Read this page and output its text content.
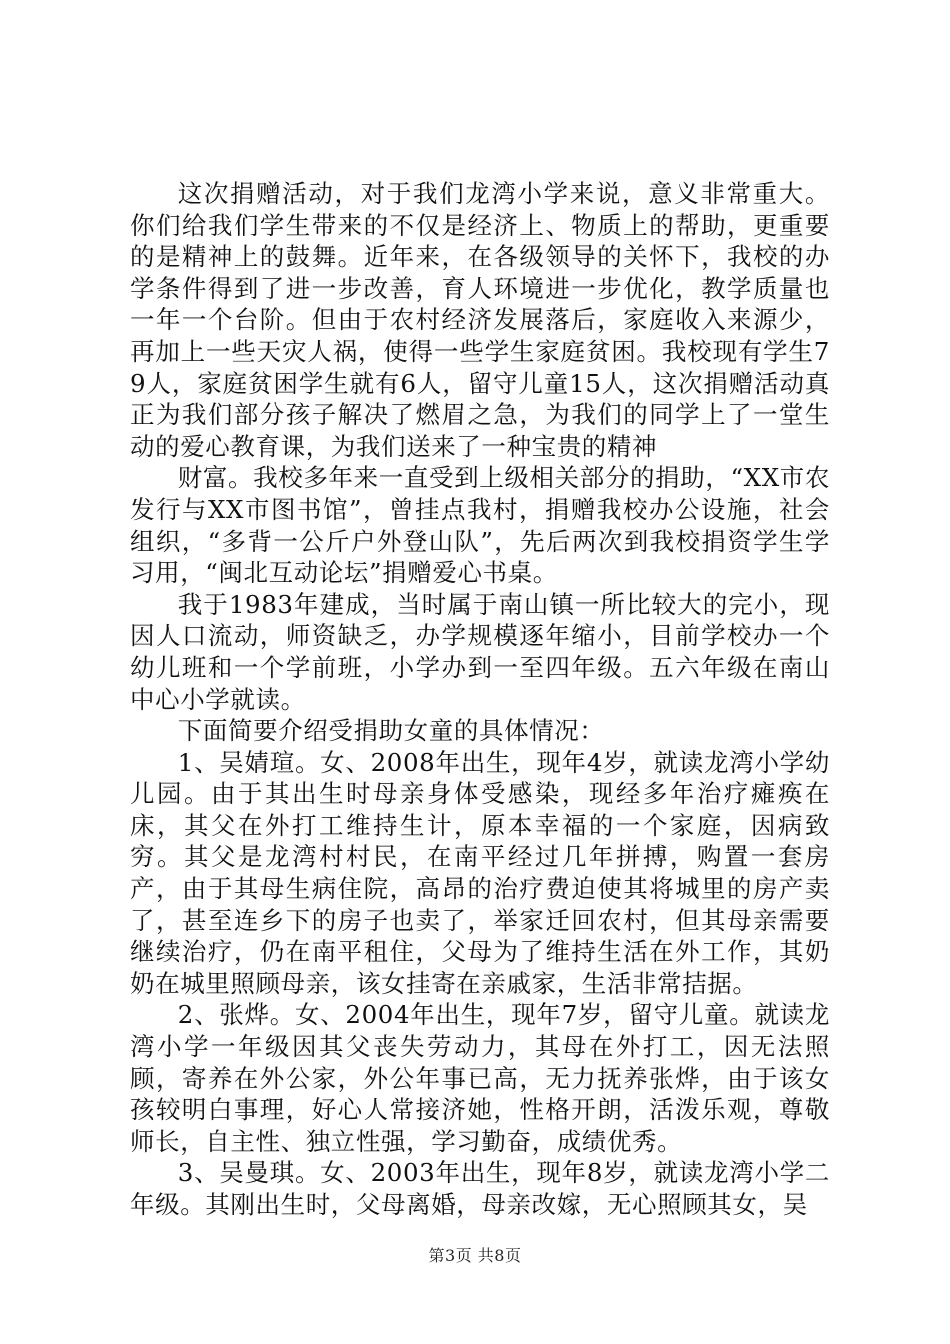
这次捐赠活动，对于我们龙湾小学来说，意义非常重大。你们给我们学生带来的不仅是经济上、物质上的帮助，更重要的是精神上的鼓舞。近年来，在各级领导的关怀下，我校的办学条件得到了进一步改善，育人环境进一步优化，教学质量也一年一个台阶。但由于农村经济发展落后，家庭收入来源少，再加上一些天灾人祸，使得一些学生家庭贫困。我校现有学生79人，家庭贫困学生就有6人，留守儿童15人，这次捐赠活动真正为我们部分孩子解决了燃眉之急，为我们的同学上了一堂生动的爱心教育课，为我们送来了一种宝贵的精神

财富。我校多年来一直受到上级相关部分的捐助，“XX市农发行与XX市图书馆”，曾挂点我村，捐赠我校办公设施，社会组织，“多背一公斤户外登山队”，先后两次到我校捐资学生学习用，“闽北互动论坛”捐赠爱心书桌。

我于1983年建成，当时属于南山镇一所比较大的完小，现因人口流动，师资缺乏，办学规模逐年缩小，目前学校办一个幼儿班和一个学前班，小学办到一至四年级。五六年级在南山中心小学就读。

下面简要介绍受捐助女童的具体情况：

1、吴婧瑄。女、2008年出生，现年4岁，就读龙湾小学幼儿园。由于其出生时母亲身体受感染，现经多年治疗瘫痪在床，其父在外打工维持生计，原本幸福的一个家庭，因病致穷。其父是龙湾村村民，在南平经过几年拼搏，购置一套房产，由于其母生病住院，高昂的治疗费迫使其将城里的房产卖了，甚至连乡下的房子也卖了，举家迁回农村，但其母亲需要继续治疗，仍在南平租住，父母为了维持生活在外工作，其奶奶在城里照顾母亲，该女挂寄在亲戚家，生活非常拮据。

2、张烨。女、2004年出生，现年7岁，留守儿童。就读龙湾小学一年级因其父丧失劳动力，其母在外打工，因无法照顾，寄养在外公家，外公年事已高，无力抚养张烨，由于该女孩较明白事理，好心人常接济她，性格开朗，活泼乐观，尊敬师长，自主性、独立性强，学习勤奋，成绩优秀。

3、吴曼琪。女、2003年出生，现年8岁，就读龙湾小学二年级。其刚出生时，父母离婚，母亲改嫁，无心照顾其女，吴

第3页 共8页
